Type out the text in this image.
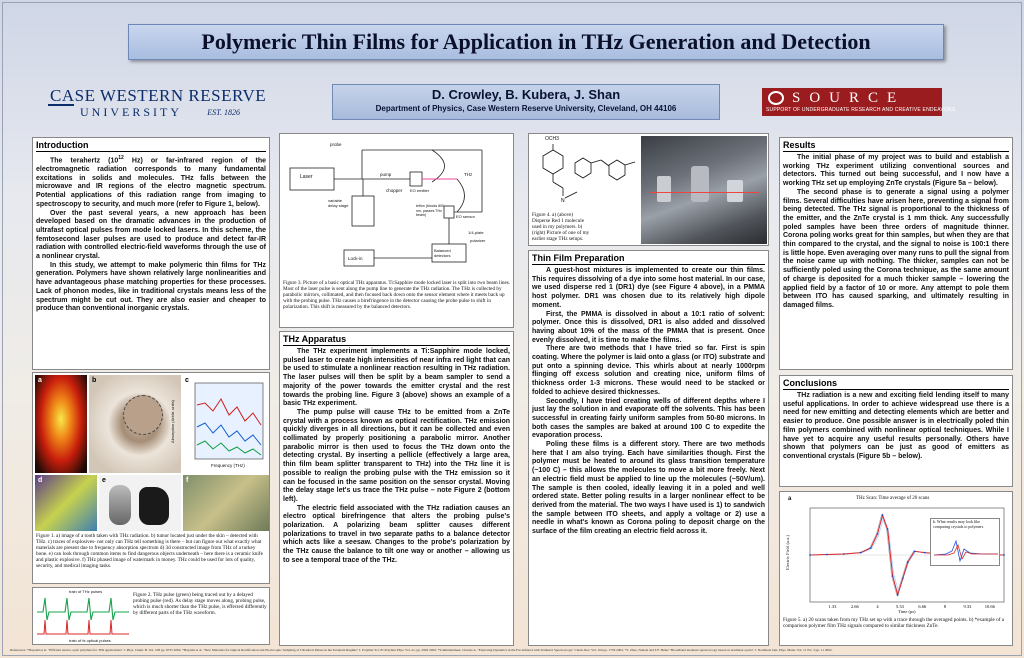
Polymeric Thin Films for Application in THz Generation and Detection
CASE WESTERN RESERVE
UNIVERSITY	EST. 1826
D. Crowley, B. Kubera, J. Shan
Department of Physics, Case Western Reserve University, Cleveland, OH 44106
SOURCE
SUPPORT OF UNDERGRADUATE RESEARCH AND CREATIVE ENDEAVORS
Introduction

The terahertz ($10^{12}$ Hz) or far-infrared region of the electromagnetic radiation corresponds to many fundamental excitations in solids and molecules. THz falls between the microwave and IR regions of the electro magnetic spectrum. Potential applications of this radiation range from imaging to spectroscopy to security, and much more (refer to Figure 1, below).

Over the past several years, a new approach has been developed based on the dramatic advances in the production of ultrafast optical pulses from mode locked lasers. In this scheme, the femtosecond laser pulses are used to produce and detect far-IR radiation with controlled electric-field waveforms through the use of a nonlinear crystal.

In this study, we attempt to make polymeric thin films for THz generation. Polymers have shown relatively large nonlinearities and have advantageous phase matching properties for these processes. Lack of phonon modes, like in traditional crystals means less of the spectrum might be cut out. They are also easier and cheaper to produce than conventional inorganic crystals.

a	b	c
Absorption (Arbitr. units)
Frequency (THz)
d	e	f
Figure 1. a) image of a tooth taken with THz radiation. b) tumor located just under the skin – detected with THz. c) traces of explosives- not only can THz tell something is there – but can figure out what exactly what materials are present due to frequency absorption spectrum d) 3d constructed image from THz of a turkey bone. e) can look through common items to find dangerous objects underneath – here there is a ceramic knife and plastic explosive. f) THz phased image of watermark in money. THz could be used for lots of quality, security, and medical imaging tasks.
train of THz pulses
train of fs optical pulses
Figure 2. THz pulse (green) being traced out by a delayed probing pulse (red). As delay stage moves along, probing pulse, which is much shorter than the THz pulse, is effected differently by different parts of the THz waveform.
probe
Laser	pump
chopper
variable delay stage
THz
EO emitter
EO sensor
teflon (blocks 800 nm, passes THz beam)
1/4-plate
polarizer
Lock-in
Balanced detectors
Figure 3. Picture of a basic optical THz apparatus. Ti:Sapphire mode locked laser is split into two beam lines. Most of the laser pulse is sent along the pump line to generate the THz radiation. The THz is collected by parabolic mirrors, collimated, and then focused back down onto the sensor element where it meets back up with the probing pulse. THz causes a birefringence in the detector causing the probe pulse to shift in polarization. This shift is measured by the balanced detectors.
THz Apparatus

The THz experiment implements a Ti:Sapphire mode locked, pulsed laser to create high intensities of near infra red light that can be used to stimulate a nonlinear reaction resulting in THz radiation. The laser pulses will then be split by a beam sampler to send a majority of the power towards the emitter crystal and the rest towards the probing line. Figure 3 (above) shows an example of a basic THz experiment.

The pump pulse will cause THz to be emitted from a ZnTe crystal with a process known as optical rectification. THz emission quickly diverges in all directions, but it can be collected and even collimated by properly positioning a parabolic mirror. Another parabolic mirror is then used to focus the THz down onto the detecting crystal. By inserting a pellicle (effectively a large area, thin film beam splitter transparent to THz) into the THz line it is possible to realign the probing pulse with the THz emission so it can be focused in the same position on the sensor crystal. Moving the delay stage let's us trace the THz pulse – note Figure 2 (bottom left).

The electric field associated with the THz radiation causes an electro optical birefringence that alters the probing pulse's polarization. A polarizing beam splitter causes different polarizations to travel in two separate paths to a balance detector which acts like a seesaw. Changes to the probe's polarization by the THz cause the balance to tilt one way or another – allowing us to see a temporal trace of the THz.

N
OCH3
Figure 4. a) (above) Disperse Red 1 molecule used in my polymers. b) (right) Picture of one of my earlier stage THz setups.
Thin Film Preparation

A guest-host mixtures is implemented to create our thin films. This requires dissolving of a dye into some host material. In our case, we used disperse red 1 (DR1) dye (see Figure 4 above), in a PMMA host polymer. DR1 was chosen due to its relatively high dipole moment.

First, the PMMA is dissolved in about a 10:1 ratio of solvent: polymer. Once this is dissolved, DR1 is also added and dissolved having about 10% of the mass of the PMMA that is present. Once evenly dissolved, it is time to make the films.

There are two methods that I have tried so far. First is spin coating. Where the polymer is laid onto a glass (or ITO) substrate and put onto a spinning device. This whirls about at nearly 1000rpm flinging off excess solution and creating nice, uniform films of thickness order 1-3 microns. These would need to be stacked or folded to achieve desired thicknesses.

Secondly, I have tried creating wells of different depths where I just lay the solution in and evaporate off the solvents. This has been successful in creating fairly uniform samples from 50-80 microns. In both cases the samples are baked at around 100 C to expedite the evaporation process.

Poling these films is a different story. There are two methods here that I am also trying. Each have similarities though. First the polymer must be heated to around its glass transition temperature (~100 C) – this allows the molecules to move a bit more freely. Next an electric field must be applied to line up the molecules (~50V/um). The sample is then cooled, ideally leaving it in a poled and well ordered state. Better poling results in a larger nonlinear effect to be derived from the material. The two ways I have used is 1) to sandwich the sample between ITO sheets, and apply a voltage or 2) use a needle in what's known as Corona poling to deposit charge on the surface of the film creating an electric field across it.

Results

The initial phase of my project was to build and establish a working THz experiment utilizing conventional sources and detectors. This turned out being successful, and I now have a working THz set up employing ZnTe crystals (Figure 5a – below).

The second phase is to generate a signal using a polymer films. Several difficulties have arisen here, preventing a signal from being detected. The THz signal is proportional to the thickness of the emitter, and the ZnTe crystal is 1 mm thick. Any successfully poled samples have been three orders of magnitude thinner. Corona poling works great for thin samples, but when they are that thin compared to the crystal, and the signal to noise is 100:1 there is little hope. Even averaging over many runs to pull the signal from the noise came up with nothing. The thicker, samples can not be sufficiently poled using the Corona technique, as the same amount of charge is deposited for a much thicker sample – lowering the applied field by a factor of 10 or more. Any attempt to pole them between ITO has caused sparking, and ultimately resulting in damaged films.

Conclusions

THz radiation is a new and exciting field lending itself to many useful applications. In order to achieve widespread use there is a need for new emitting and detecting elements which are better and easier to produce. One possible answer is in electrically poled thin film polymers combined with nonlinear optical techniques. While I have yet to acquire any useful results personally. Others have shown that polymers can be just as good of emitters as conventional crystals (Figure 5b – below).

1.33	2.66	4	5.33	6.66	8	9.33	10.66
a	THz Scan: Time average of 20 scans
Electric Field (a.u.)
Time (ps)
b. What results may look like comparing crystals to polymers
Figure 5. a) 20 scans taken from my THz set up with a trace through the averaged points. b) *example of a comparison polymer film THz signals compared to similar thickness ZnTe.
References: *Hayashi et al. "Efficient electro-optic polymers for THz applications" J. Phys. Chem. B. Vol. 108 pp. 8735 2004. *Hayashi et al. "New Materials for Optical Rectification and Electrooptic Sampling of Ultrashort Pulses in the Terahertz Regime" J. Polymer Sci. B: Polymer Phys. Vol. 41, pp. 2962 2003. *Schmuttenmaer, Charles A. "Exploring Dynamics in the Far-Infrared with Terahertz Spectroscopy" Chem. Rev. Vol. 104 pp. 1759 2004. *S. Zhao, Nahata and T.F. Heinz "Broadband terahertz spectroscopy based on nonlinear optics" J. Nonlinear Opt. Phys. Mater. Vol. 11 No. 3 pp. 11 2002.
